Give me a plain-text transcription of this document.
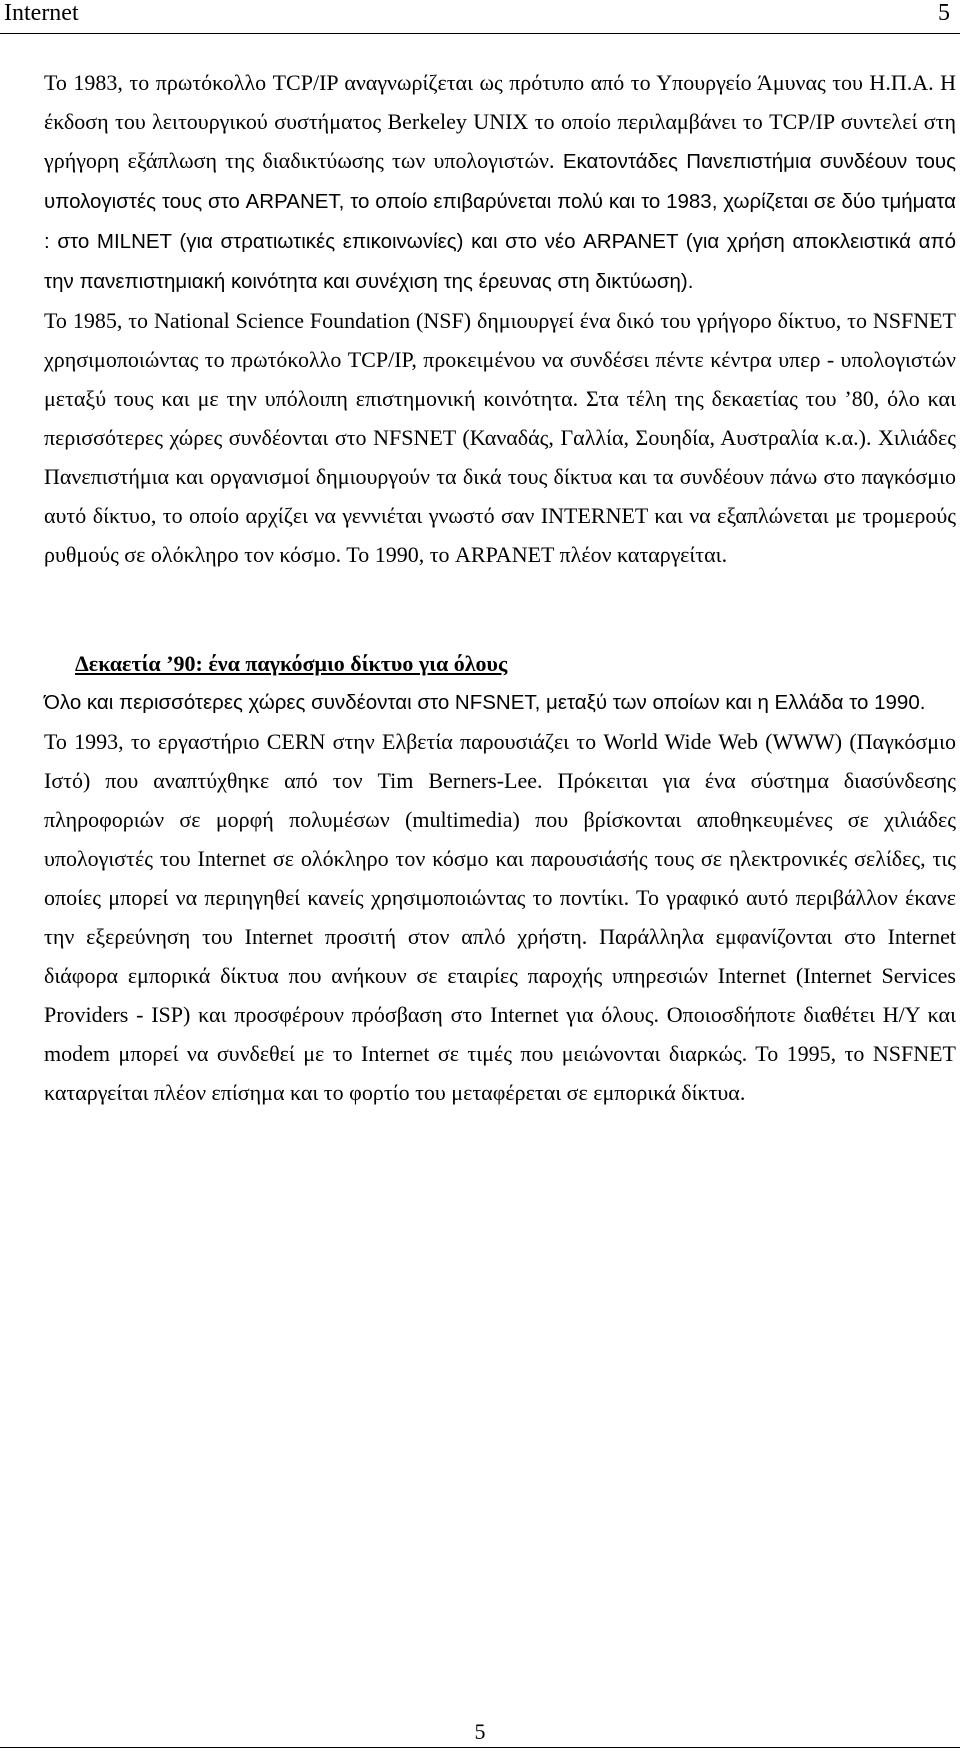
Internet	5

Το 1983, το πρωτόκολλο TCP/IP αναγνωρίζεται ως πρότυπο από το Υπουργείο Άμυνας του Η.Π.Α. Η έκδοση του λειτουργικού συστήματος Berkeley UNIX το οποίο περιλαμβάνει το TCP/IP συντελεί στη γρήγορη εξάπλωση της διαδικτύωσης των υπολογιστών. Εκατοντάδες Πανεπιστήμια συνδέουν τους υπολογιστές τους στο ARPANET, το οποίο επιβαρύνεται πολύ και το 1983, χωρίζεται σε δύο τμήματα : στο MILNET (για στρατιωτικές επικοινωνίες) και στο νέο ARPANET (για χρήση αποκλειστικά από την πανεπιστημιακή κοινότητα και συνέχιση της έρευνας στη δικτύωση).

Το 1985, το National Science Foundation (NSF) δημιουργεί ένα δικό του γρήγορο δίκτυο, το NSFNET χρησιμοποιώντας το πρωτόκολλο TCP/IP, προκειμένου να συνδέσει πέντε κέντρα υπερ - υπολογιστών μεταξύ τους και με την υπόλοιπη επιστημονική κοινότητα. Στα τέλη της δεκαετίας του ’80, όλο και περισσότερες χώρες συνδέονται στο NFSNET (Καναδάς, Γαλλία, Σουηδία, Αυστραλία κ.α.). Χιλιάδες Πανεπιστήμια και οργανισμοί δημιουργούν τα δικά τους δίκτυα και τα συνδέουν πάνω στο παγκόσμιο αυτό δίκτυο, το οποίο αρχίζει να γεννιέται γνωστό σαν INTERNET και να εξαπλώνεται με τρομερούς ρυθμούς σε ολόκληρο τον κόσμο. Το 1990, το ARPANET πλέον καταργείται.

Δεκαετία ’90: ένα παγκόσμιο δίκτυο για όλους

Όλο και περισσότερες χώρες συνδέονται στο NFSNET, μεταξύ των οποίων και η Ελλάδα το 1990.

Το 1993, το εργαστήριο CERN στην Ελβετία παρουσιάζει το World Wide Web (WWW) (Παγκόσμιο Ιστό) που αναπτύχθηκε από τον Tim Berners-Lee. Πρόκειται για ένα σύστημα διασύνδεσης πληροφοριών σε μορφή πολυμέσων (multimedia) που βρίσκονται αποθηκευμένες σε χιλιάδες υπολογιστές του Internet σε ολόκληρο τον κόσμο και παρουσιάσής τους σε ηλεκτρονικές σελίδες, τις οποίες μπορεί να περιηγηθεί κανείς χρησιμοποιώντας το ποντίκι. Το γραφικό αυτό περιβάλλον έκανε την εξερεύνηση του Internet προσιτή στον απλό χρήστη. Παράλληλα εμφανίζονται στο Internet διάφορα εμπορικά δίκτυα που ανήκουν σε εταιρίες παροχής υπηρεσιών Internet (Internet Services Providers - ISP) και προσφέρουν πρόσβαση στο Internet για όλους. Οποιοσδήποτε διαθέτει Η/Υ και modem μπορεί να συνδεθεί με το Internet σε τιμές που μειώνονται διαρκώς. Το 1995, το NSFNET καταργείται πλέον επίσημα και το φορτίο του μεταφέρεται σε εμπορικά δίκτυα.

5
